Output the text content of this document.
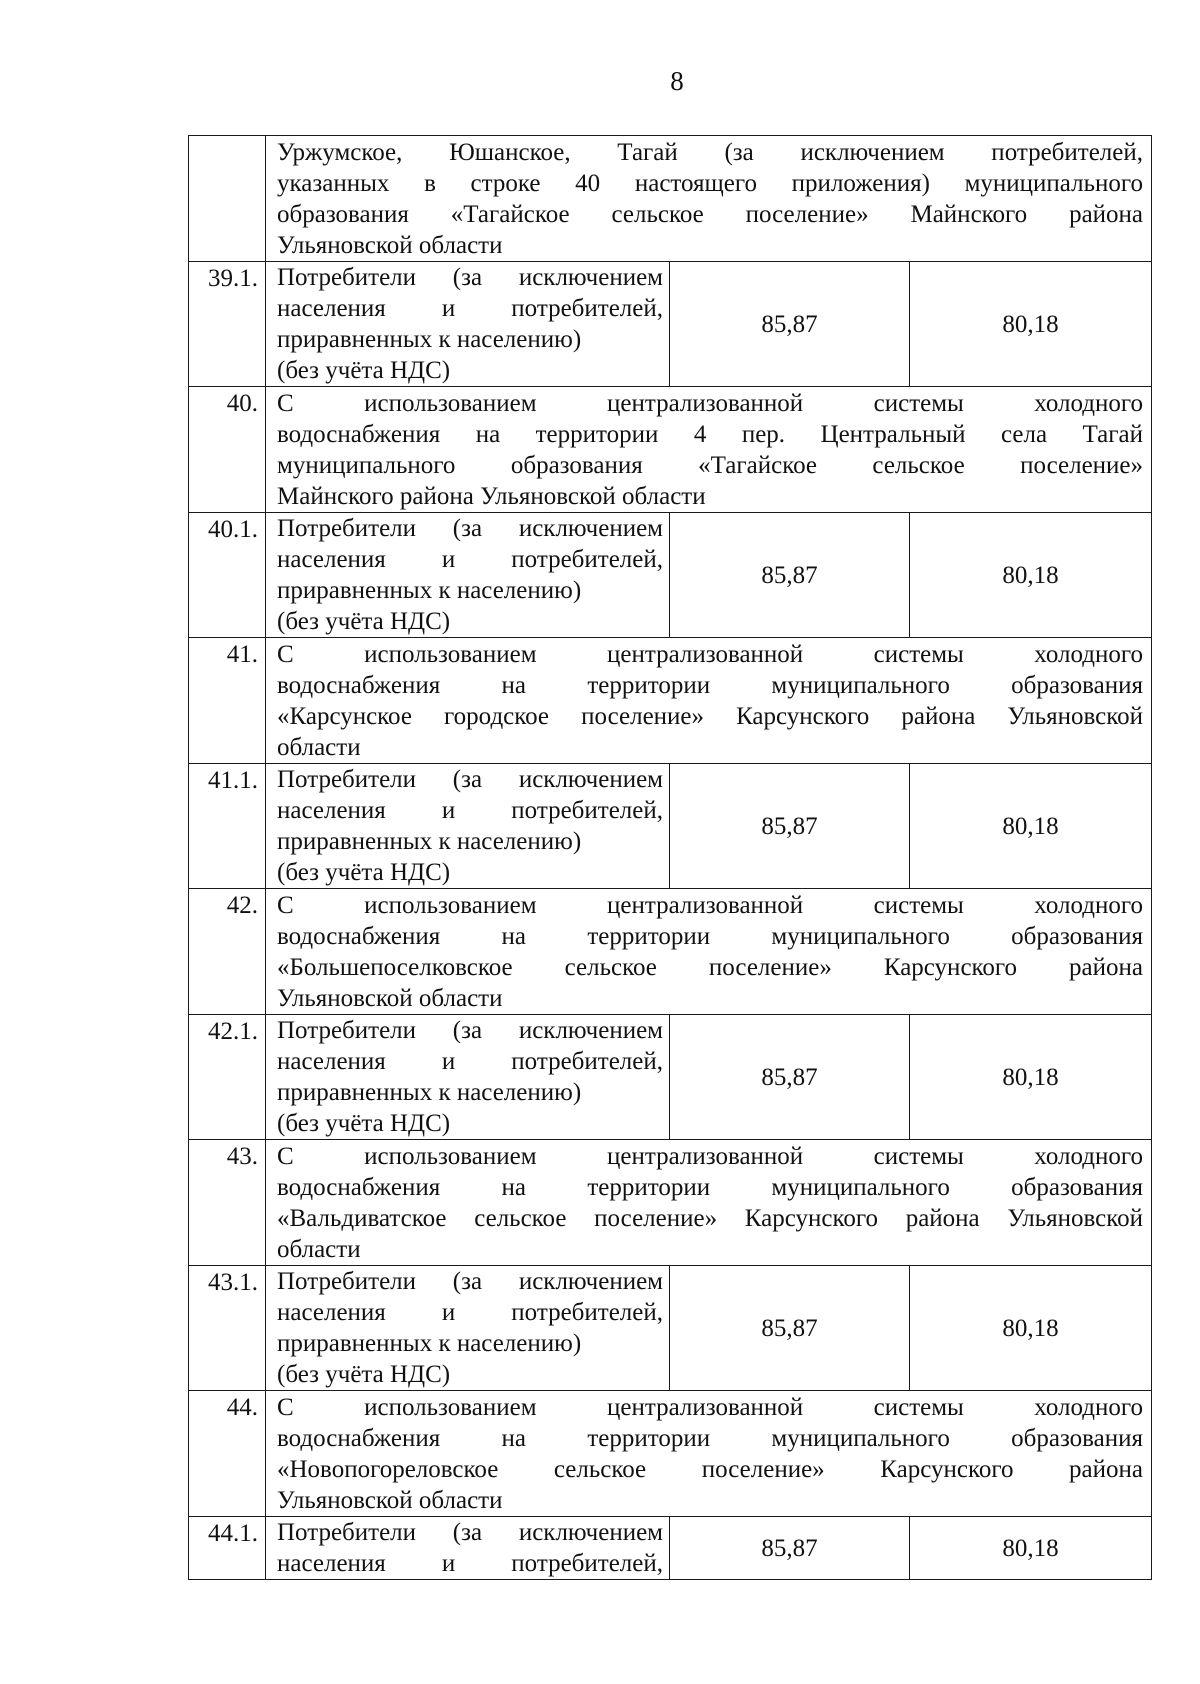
8

	Уржумское, Юшанское, Тагай (за исключением потребителей,
указанных в строке 40 настоящего приложения) муниципального
образования «Тагайское сельское поселение» Майнского района
Ульяновской области		

39.1.	Потребители (за исключением
населения и потребителей,
приравненных к населению)
(без учёта НДС)	85,87	80,18
40.	С использованием централизованной системы холодного
водоснабжения на территории 4 пер. Центральный села Тагай
муниципального образования «Тагайское сельское поселение»
Майнского района Ульяновской области		

40.1.	Потребители (за исключением
населения и потребителей,
приравненных к населению)
(без учёта НДС)	85,87	80,18
41.	С использованием централизованной системы холодного
водоснабжения на территории муниципального образования
«Карсунское городское поселение» Карсунского района Ульяновской
области		

41.1.	Потребители (за исключением
населения и потребителей,
приравненных к населению)
(без учёта НДС)	85,87	80,18
42.	С использованием централизованной системы холодного
водоснабжения на территории муниципального образования
«Большепоселковское сельское поселение» Карсунского района
Ульяновской области		

42.1.	Потребители (за исключением
населения и потребителей,
приравненных к населению)
(без учёта НДС)	85,87	80,18
43.	С использованием централизованной системы холодного
водоснабжения на территории муниципального образования
«Вальдиватское сельское поселение» Карсунского района Ульяновской
области		

43.1.	Потребители (за исключением
населения и потребителей,
приравненных к населению)
(без учёта НДС)	85,87	80,18
44.	С использованием централизованной системы холодного
водоснабжения на территории муниципального образования
«Новопогореловское сельское поселение» Карсунского района
Ульяновской области		

44.1.	Потребители (за исключением
населения и потребителей,	85,87	80,18
